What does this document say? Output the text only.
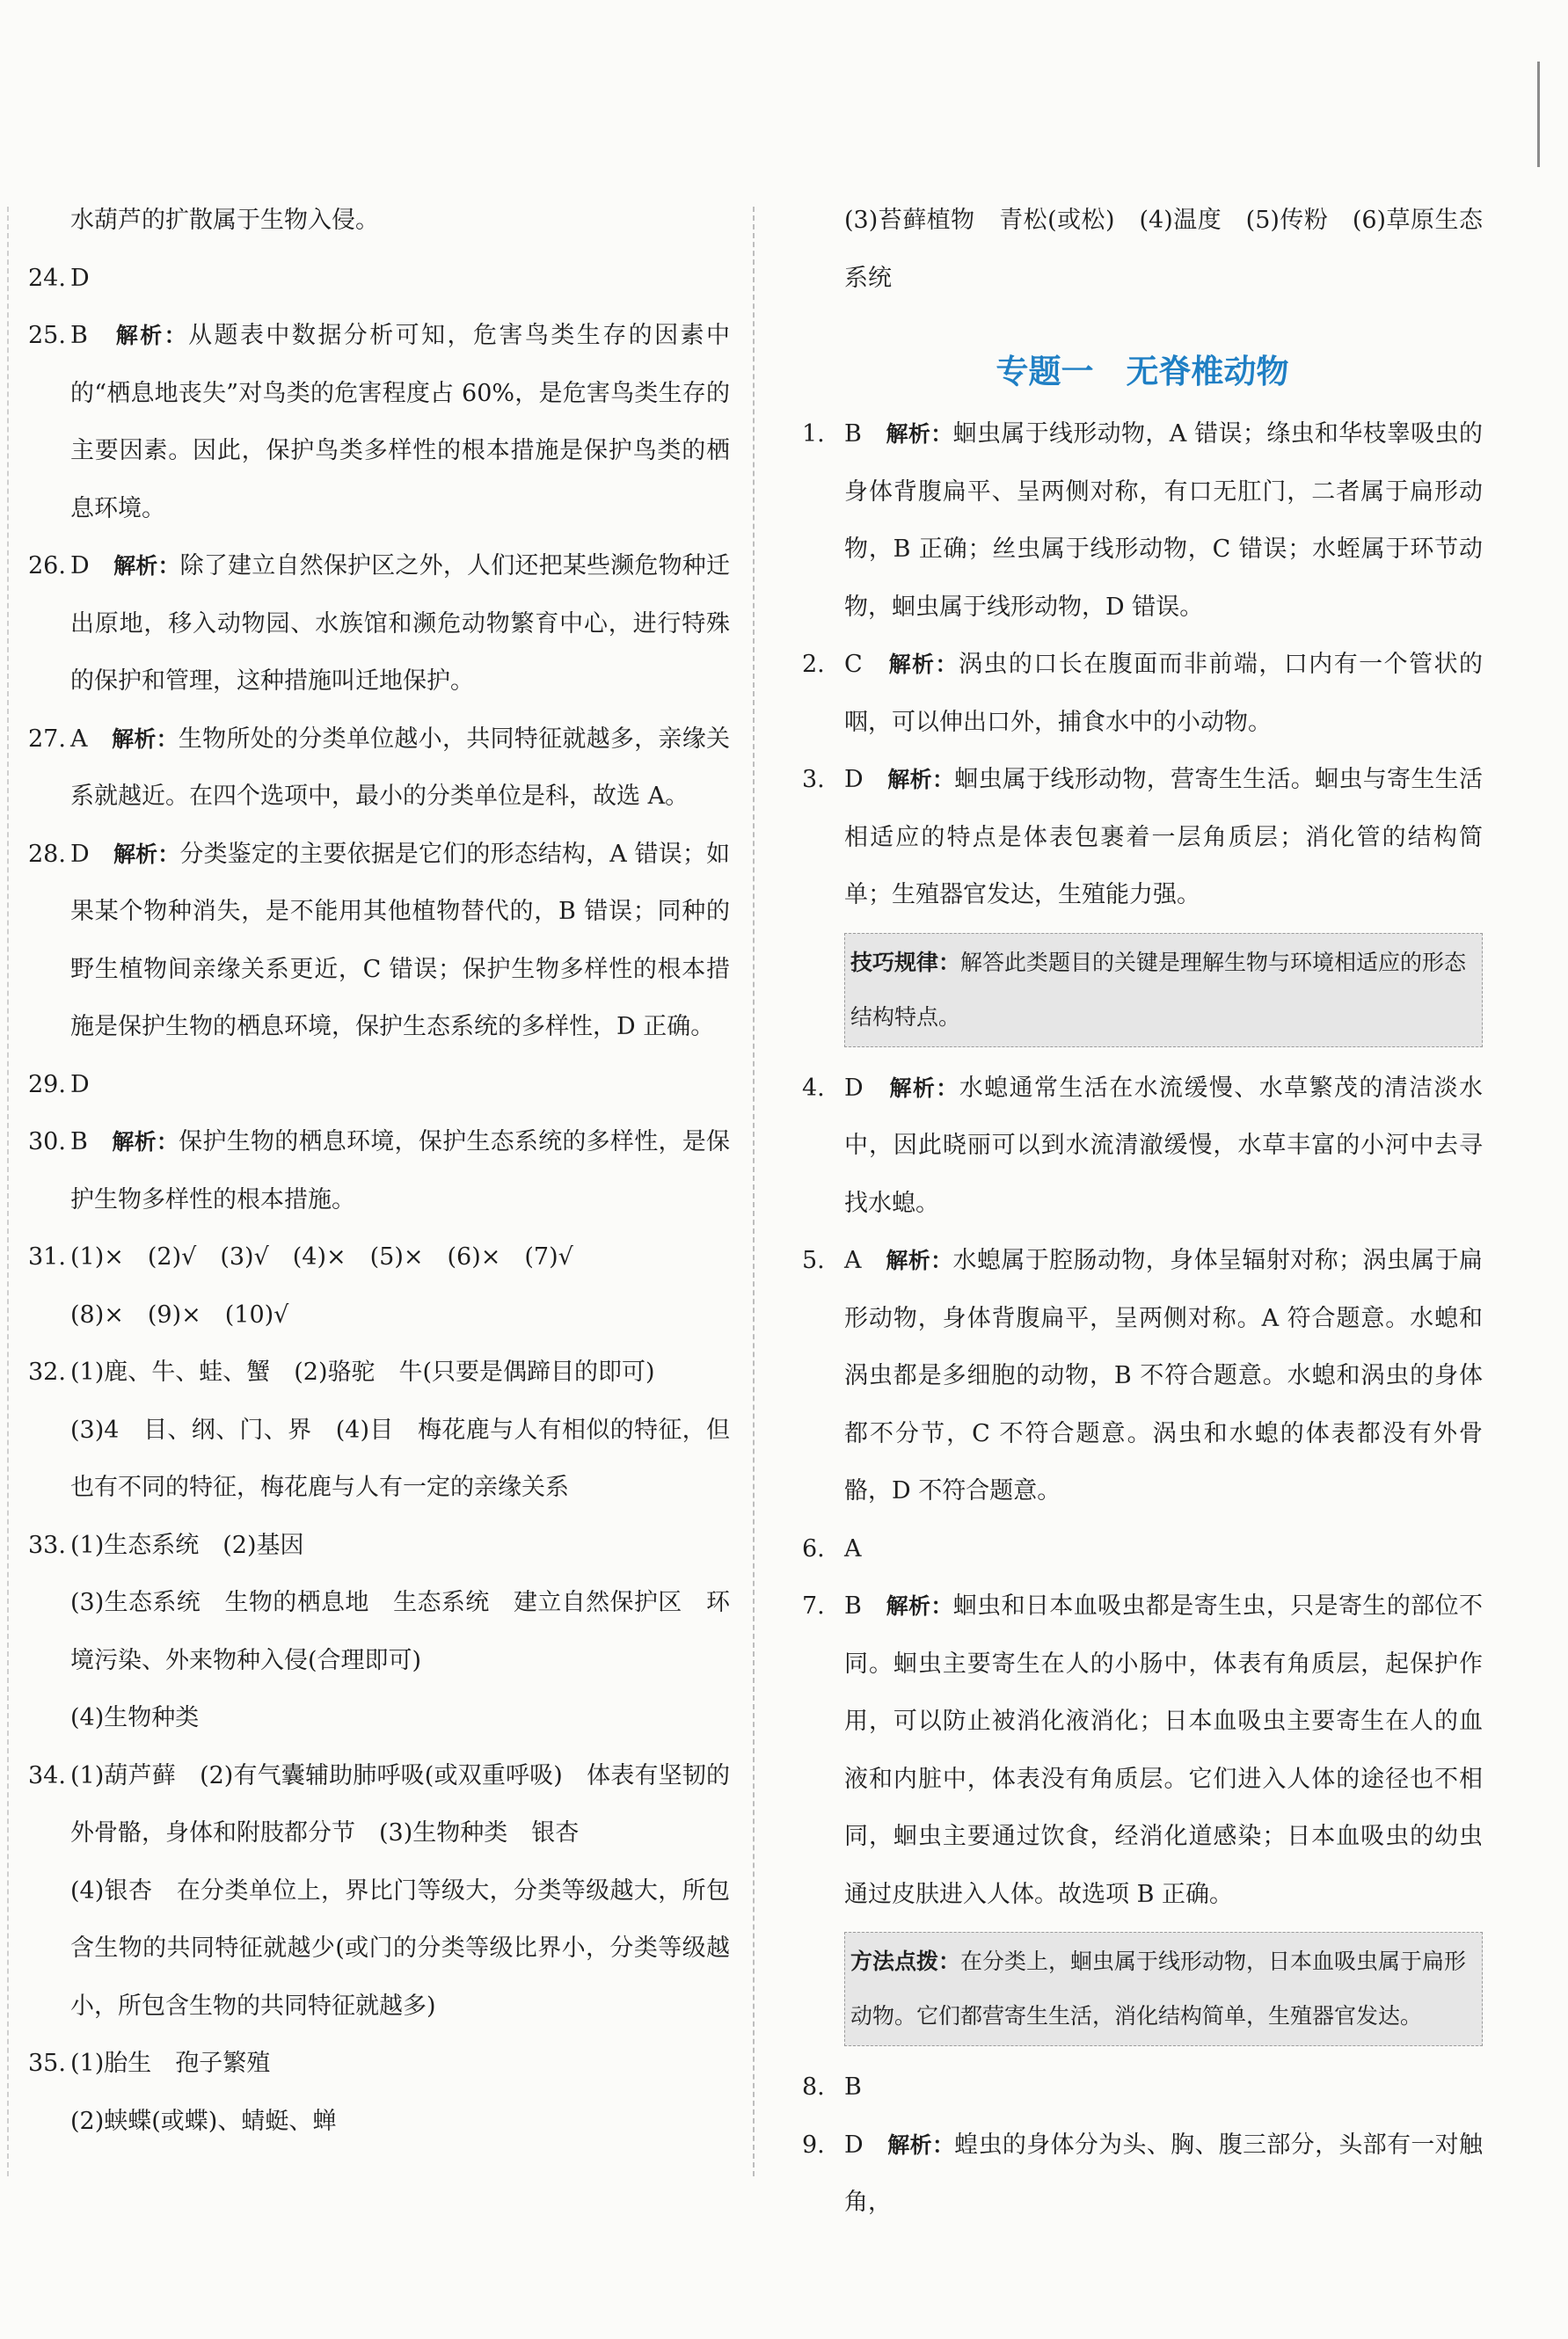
水葫芦的扩散属于生物入侵。

24. D

25. B　 解析：从题表中数据分析可知，危害鸟类生存的因素中的“栖息地丧失”对鸟类的危害程度占 60%，是危害鸟类生存的主要因素。因此，保护鸟类多样性的根本措施是保护鸟类的栖息环境。

26. D　 解析：除了建立自然保护区之外，人们还把某些濒危物种迁出原地，移入动物园、水族馆和濒危动物繁育中心，进行特殊的保护和管理，这种措施叫迁地保护。

27. A　 解析：生物所处的分类单位越小，共同特征就越多，亲缘关系就越近。在四个选项中，最小的分类单位是科，故选 A。

28. D　 解析：分类鉴定的主要依据是它们的形态结构，A 错误；如果某个物种消失，是不能用其他植物替代的，B 错误；同种的野生植物间亲缘关系更近，C 错误；保护生物多样性的根本措施是保护生物的栖息环境，保护生态系统的多样性，D 正确。

29. D

30. B　 解析：保护生物的栖息环境，保护生态系统的多样性，是保护生物多样性的根本措施。

31. (1)×　(2)√　(3)√　(4)×　(5)×　(6)×　(7)√

(8)×　(9)×　(10)√

32. (1)鹿、牛、蛙、蟹　(2)骆驼　牛(只要是偶蹄目的即可)

(3)4　目、纲、门、界　(4)目　梅花鹿与人有相似的特征，但也有不同的特征，梅花鹿与人有一定的亲缘关系

33. (1)生态系统　(2)基因

(3)生态系统　生物的栖息地　生态系统　建立自然保护区　环境污染、外来物种入侵(合理即可)

(4)生物种类

34. (1)葫芦藓　(2)有气囊辅助肺呼吸(或双重呼吸)　体表有坚韧的外骨骼，身体和附肢都分节　(3)生物种类　银杏

(4)银杏　在分类单位上，界比门等级大，分类等级越大，所包含生物的共同特征就越少(或门的分类等级比界小，分类等级越小，所包含生物的共同特征就越多)

35. (1)胎生　孢子繁殖

(2)蛱蝶(或蝶)、蜻蜓、蝉

(3)苔藓植物　青松(或松)　(4)温度　(5)传粉　(6)草原生态系统

专题一　无脊椎动物

1. B　 解析：蛔虫属于线形动物，A 错误；绦虫和华枝睾吸虫的身体背腹扁平、呈两侧对称，有口无肛门，二者属于扁形动物，B 正确；丝虫属于线形动物，C 错误；水蛭属于环节动物，蛔虫属于线形动物，D 错误。

2. C　 解析：涡虫的口长在腹面而非前端，口内有一个管状的咽，可以伸出口外，捕食水中的小动物。

3. D　 解析：蛔虫属于线形动物，营寄生生活。蛔虫与寄生生活相适应的特点是体表包裹着一层角质层；消化管的结构简单；生殖器官发达，生殖能力强。

技巧规律：解答此类题目的关键是理解生物与环境相适应的形态结构特点。

4. D　 解析：水螅通常生活在水流缓慢、水草繁茂的清洁淡水中，因此晓丽可以到水流清澈缓慢，水草丰富的小河中去寻找水螅。

5. A　 解析：水螅属于腔肠动物，身体呈辐射对称；涡虫属于扁形动物，身体背腹扁平，呈两侧对称。A 符合题意。水螅和涡虫都是多细胞的动物，B 不符合题意。水螅和涡虫的身体都不分节，C 不符合题意。涡虫和水螅的体表都没有外骨骼，D 不符合题意。

6. A

7. B　 解析：蛔虫和日本血吸虫都是寄生虫，只是寄生的部位不同。蛔虫主要寄生在人的小肠中，体表有角质层，起保护作用，可以防止被消化液消化；日本血吸虫主要寄生在人的血液和内脏中，体表没有角质层。它们进入人体的途径也不相同，蛔虫主要通过饮食，经消化道感染；日本血吸虫的幼虫通过皮肤进入人体。故选项 B 正确。

方法点拨：在分类上，蛔虫属于线形动物，日本血吸虫属于扁形动物。它们都营寄生生活，消化结构简单，生殖器官发达。

8. B

9. D　 解析：蝗虫的身体分为头、胸、腹三部分，头部有一对触角，
